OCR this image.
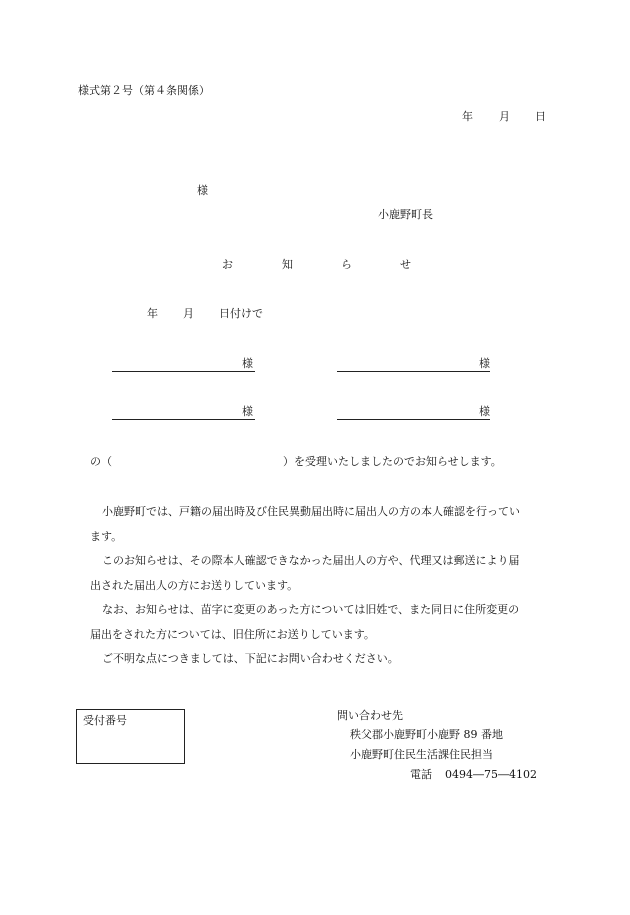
様式第２号（第４条関係）
年 月 日
様
小鹿野町長
お	知	ら	せ
年 月 日付けで
様	様
様	様
の（	）を受理いたしましたのでお知らせします。
小鹿野町では、戸籍の届出時及び住民異動届出時に届出人の方の本人確認を行ってい
ます。
このお知らせは、その際本人確認できなかった届出人の方や、代理又は郵送により届
出された届出人の方にお送りしています。
なお、お知らせは、苗字に変更のあった方については旧姓で、また同日に住所変更の
届出をされた方については、旧住所にお送りしています。
ご不明な点につきましては、下記にお問い合わせください。
受付番号	問い合わせ先
秩父郡小鹿野町小鹿野 89 番地
小鹿野町住民生活課住民担当
電話 0494―75―4102
